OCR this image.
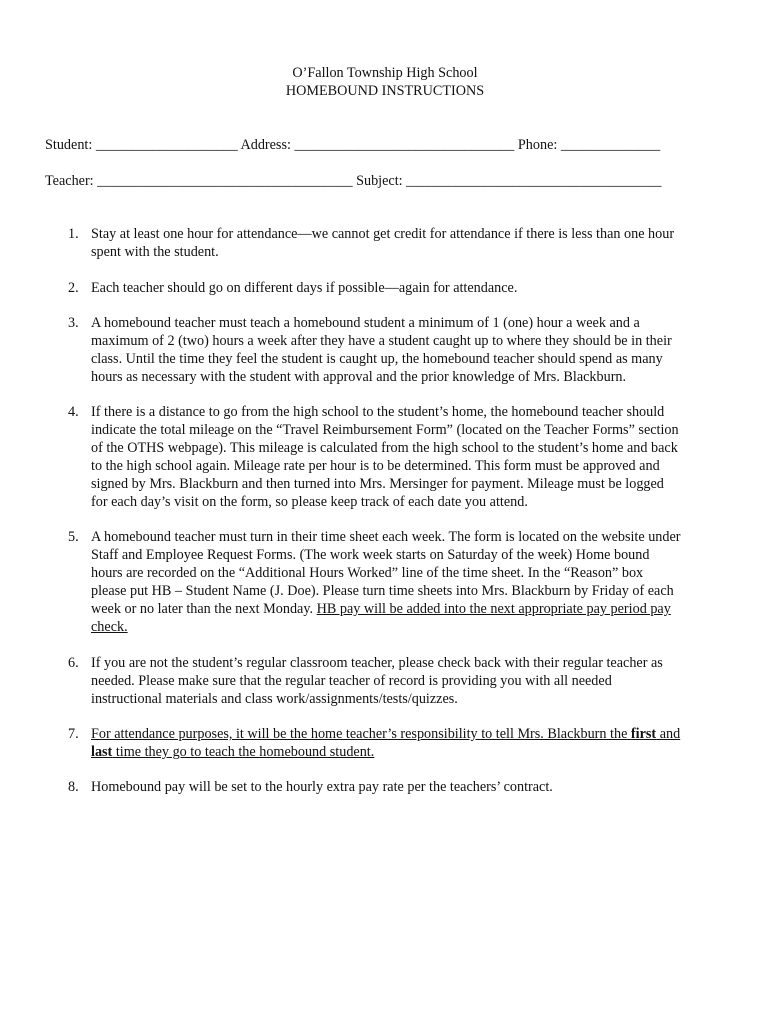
O’Fallon Township High School
HOMEBOUND INSTRUCTIONS
Student: ____________________ Address: _______________________________ Phone: ______________
Teacher: ____________________________________ Subject: ____________________________________
1. Stay at least one hour for attendance—we cannot get credit for attendance if there is less than one hour
spent with the student.
2. Each teacher should go on different days if possible—again for attendance.
3. A homebound teacher must teach a homebound student a minimum of 1 (one) hour a week and a
maximum of 2 (two) hours a week after they have a student caught up to where they should be in their
class. Until the time they feel the student is caught up, the homebound teacher should spend as many
hours as necessary with the student with approval and the prior knowledge of Mrs. Blackburn.
4. If there is a distance to go from the high school to the student’s home, the homebound teacher should
indicate the total mileage on the “Travel Reimbursement Form” (located on the Teacher Forms” section
of the OTHS webpage). This mileage is calculated from the high school to the student’s home and back
to the high school again. Mileage rate per hour is to be determined. This form must be approved and
signed by Mrs. Blackburn and then turned into Mrs. Mersinger for payment. Mileage must be logged
for each day’s visit on the form, so please keep track of each date you attend.
5. A homebound teacher must turn in their time sheet each week. The form is located on the website under
Staff and Employee Request Forms. (The work week starts on Saturday of the week) Home bound
hours are recorded on the “Additional Hours Worked” line of the time sheet. In the “Reason” box
please put HB – Student Name (J. Doe). Please turn time sheets into Mrs. Blackburn by Friday of each
week or no later than the next Monday. HB pay will be added into the next appropriate pay period pay
check.
6. If you are not the student’s regular classroom teacher, please check back with their regular teacher as
needed. Please make sure that the regular teacher of record is providing you with all needed
instructional materials and class work/assignments/tests/quizzes.
7. For attendance purposes, it will be the home teacher’s responsibility to tell Mrs. Blackburn the first and
last time they go to teach the homebound student.
8. Homebound pay will be set to the hourly extra pay rate per the teachers’ contract.
